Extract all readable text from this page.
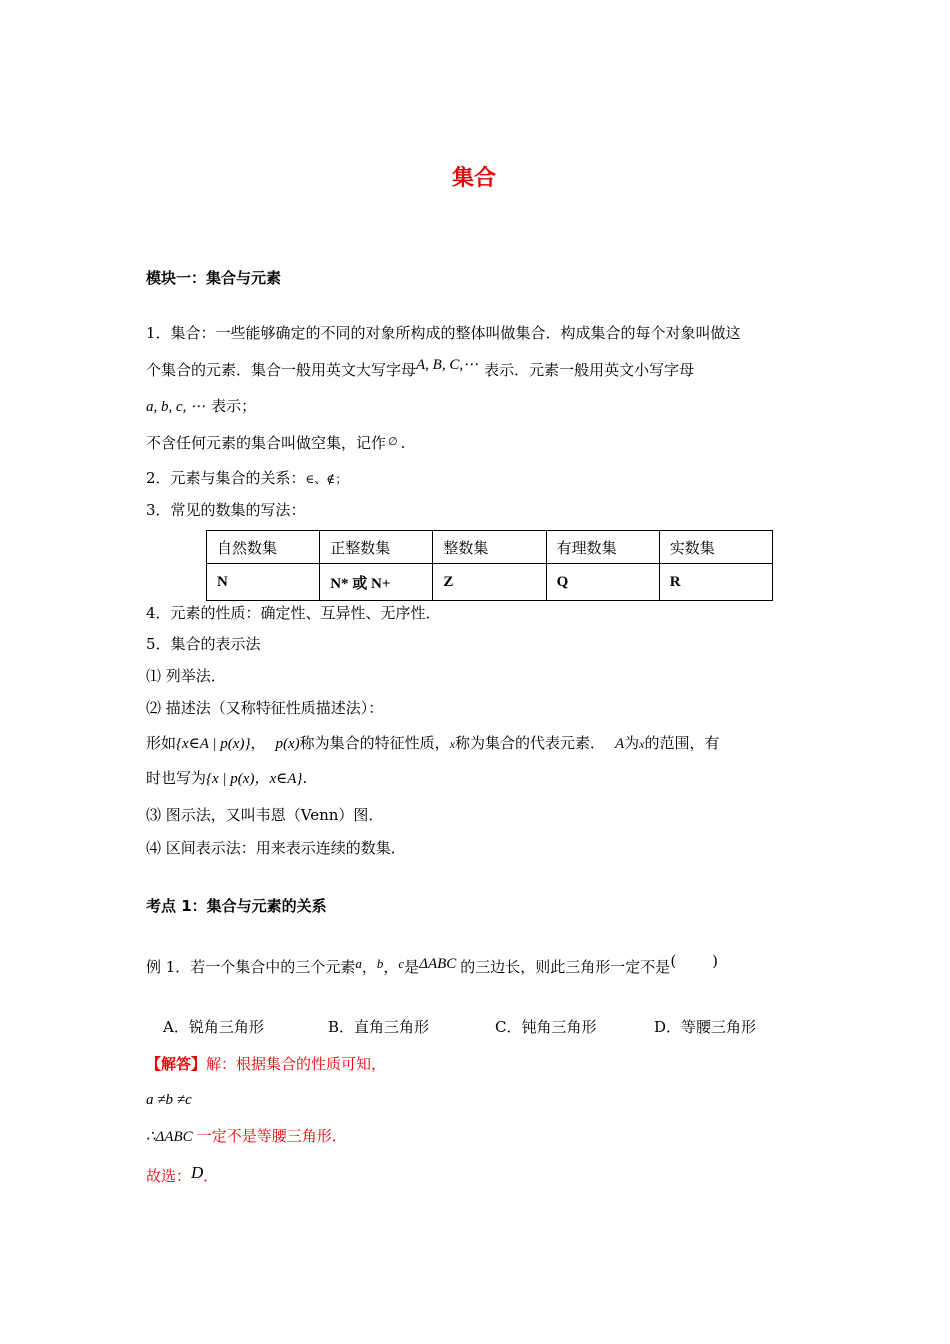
集合
模块一：集合与元素
1．集合：一些能够确定的不同的对象所构成的整体叫做集合．构成集合的每个对象叫做这
个集合的元素．集合一般用英文大写字母A, B, C,⋯ 表示．元素一般用英文小写字母
a, b, c, ⋯ 表示；
不含任何元素的集合叫做空集，记作 ∅ .
2．元素与集合的关系：∈、∉；
3．常见的数集的写法：
自然数集	正整数集	整数集	有理数集	实数集
N	N* 或 N+	Z	Q	R
4．元素的性质：确定性、互异性、无序性．
5．集合的表示法
⑴ 列举法．
⑵ 描述法（又称特征性质描述法）：
形如{x∈A | p(x)}， p(x)称为集合的特征性质，x称为集合的代表元素． A为x的范围，有
时也写为{x | p(x)，x∈A}.
⑶ 图示法，又叫韦恩（Venn）图．
⑷ 区间表示法：用来表示连续的数集．
考点 1：集合与元素的关系
例 1．若一个集合中的三个元素a，b，c是ΔABC 的三边长，则此三角形一定不是( )
A．锐角三角形	B．直角三角形	C．钝角三角形	D．等腰三角形
【解答】解：根据集合的性质可知，
a ≠b ≠c
∴ΔABC 一定不是等腰三角形．
故选：D．
